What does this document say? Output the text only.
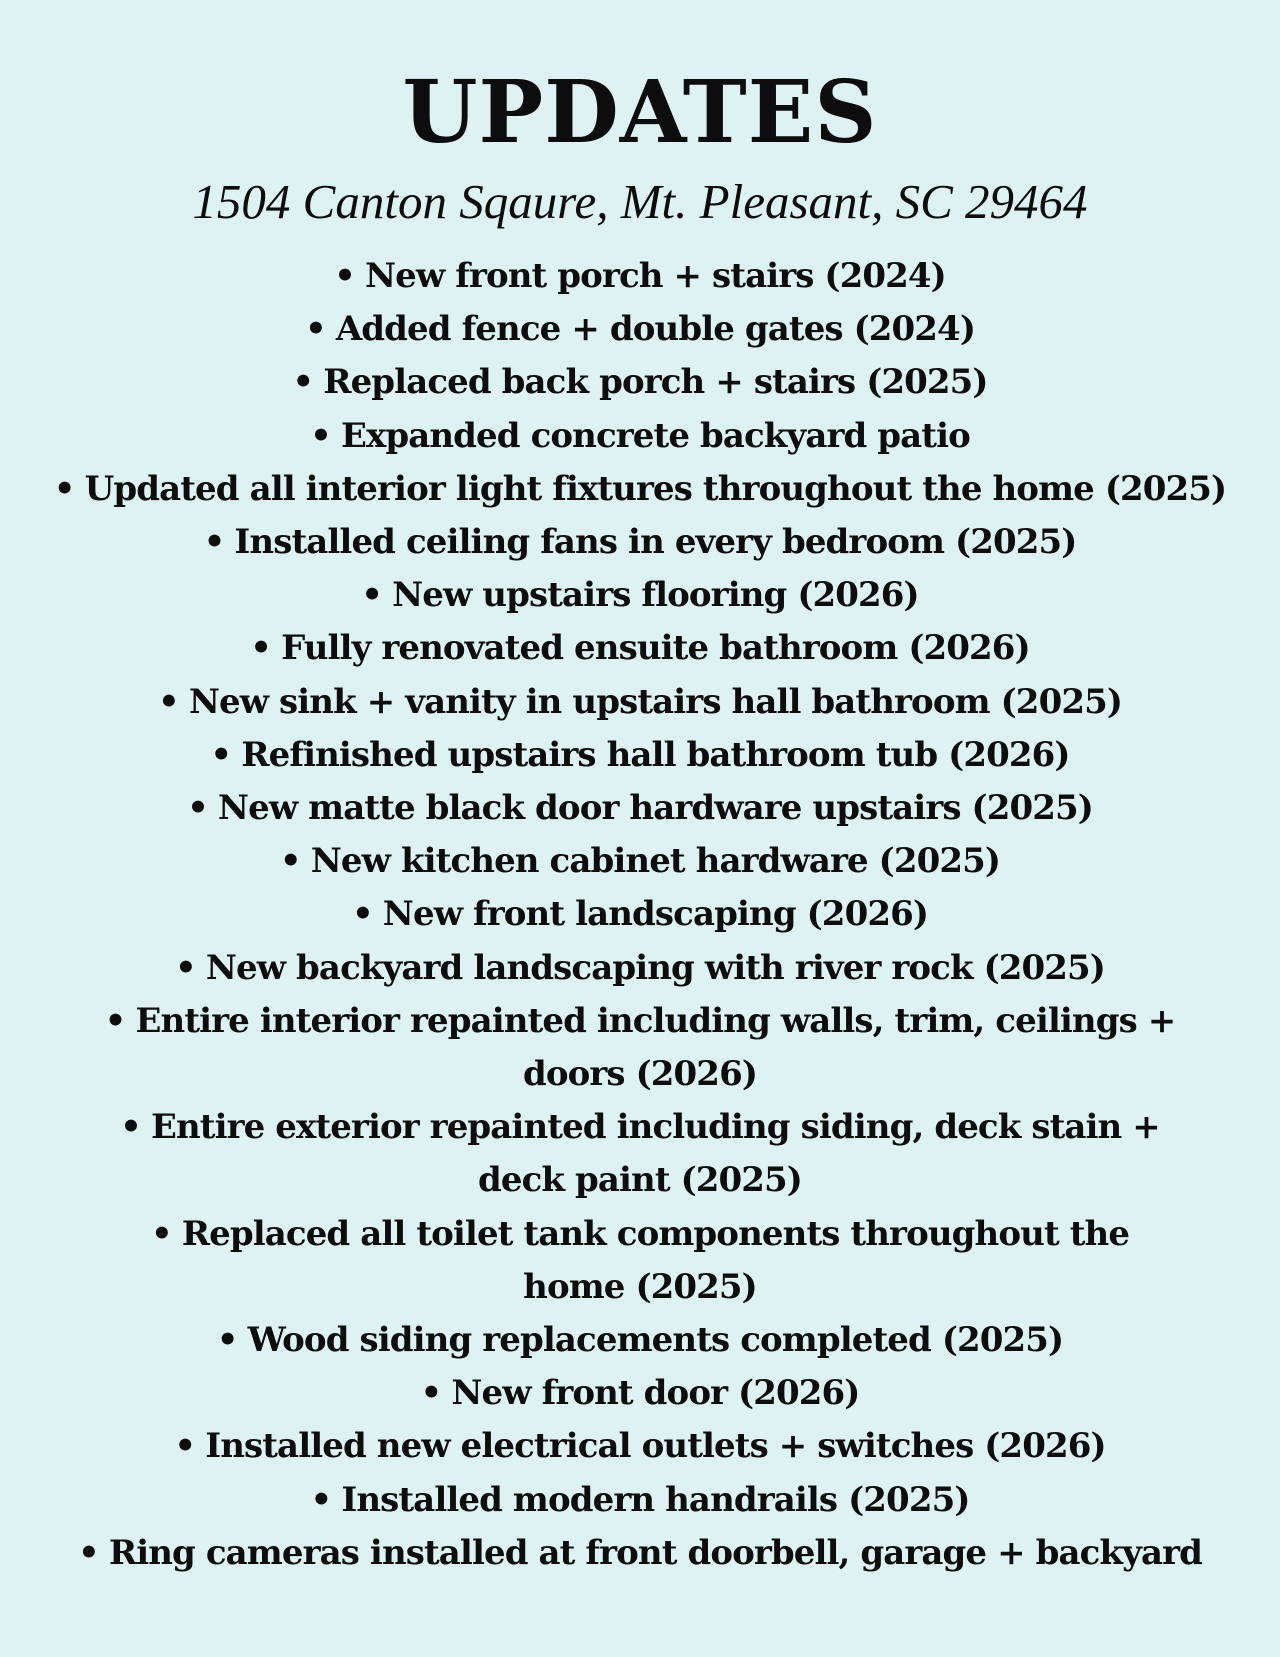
UPDATES
1504 Canton Sqaure, Mt. Pleasant, SC 29464
• New front porch + stairs (2024)
• Added fence + double gates (2024)
• Replaced back porch + stairs (2025)
• Expanded concrete backyard patio
• Updated all interior light fixtures throughout the home (2025)
• Installed ceiling fans in every bedroom (2025)
• New upstairs flooring (2026)
• Fully renovated ensuite bathroom (2026)
• New sink + vanity in upstairs hall bathroom (2025)
• Refinished upstairs hall bathroom tub (2026)
• New matte black door hardware upstairs (2025)
• New kitchen cabinet hardware (2025)
• New front landscaping (2026)
• New backyard landscaping with river rock (2025)
• Entire interior repainted including walls, trim, ceilings + doors (2026)
• Entire exterior repainted including siding, deck stain + deck paint (2025)
• Replaced all toilet tank components throughout the home (2025)
• Wood siding replacements completed (2025)
• New front door (2026)
• Installed new electrical outlets + switches (2026)
• Installed modern handrails (2025)
• Ring cameras installed at front doorbell, garage + backyard
